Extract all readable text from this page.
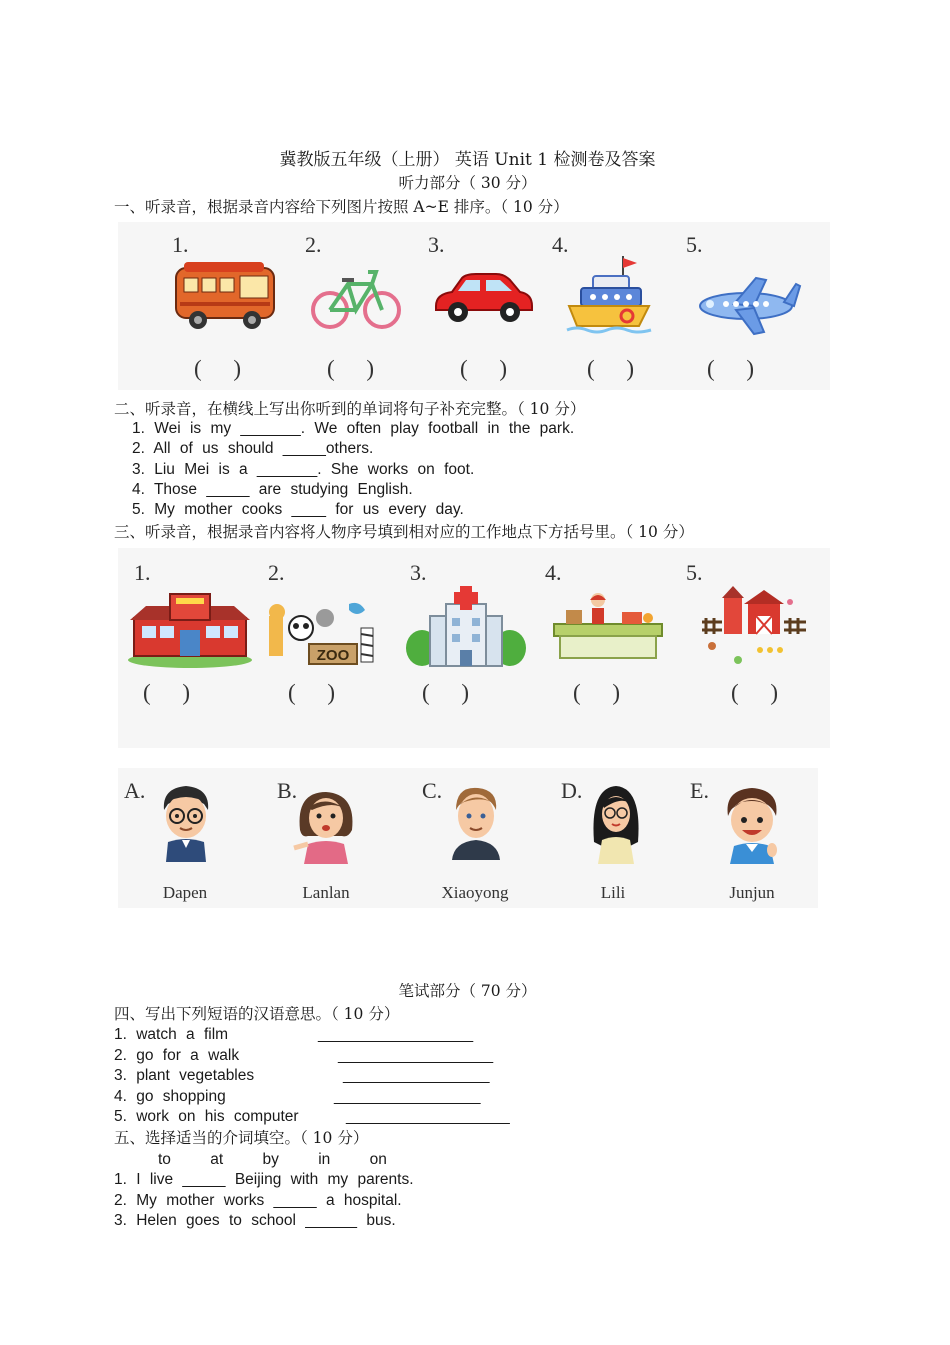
冀教版五年级（上册） 英语 Unit 1 检测卷及答案
听力部分（ 30 分）
一、听录音，根据录音内容给下列图片按照 A~E 排序。（ 10 分）
1.	2.	3.	4.	5.
( )	( )	( )	( )	( )
二、听录音，在横线上写出你听到的单词将句子补充完整。（ 10 分）
1. Wei is my _______. We often play football in the park.
2. All of us should _____others.
3. Liu Mei is a _______. She works on foot.
4. Those _____ are studying English.
5. My mother cooks ____ for us every day.
三、听录音，根据录音内容将人物序号填到相对应的工作地点下方括号里。（ 10 分）
1.	2.	3.	4.	5.
ZOO
( )	( )	( )	( )	( )
A.	B.	C.	D.	E.
Dapen	Lanlan	Xiaoyong	Lili	Junjun
笔试部分（ 70 分）
四、写出下列短语的汉语意思。（ 10 分）
1. watch a film	__________________
2. go for a walk	__________________
3. plant vegetables	_________________
4. go shopping	_________________
5. work on his computer	___________________
五、选择适当的介词填空。（ 10 分）
to	at	by	in	on
1. I live _____ Beijing with my parents.
2. My mother works _____ a hospital.
3. Helen goes to school ______ bus.
